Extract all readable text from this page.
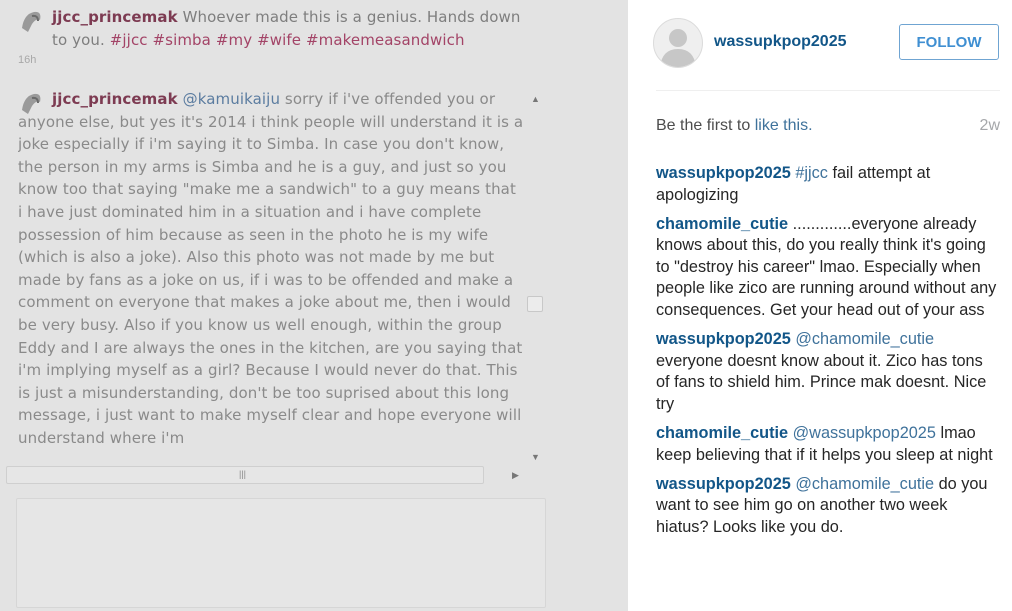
jjcc_princemak Whoever made this is a genius. Hands down to you. #jjcc #simba #my #wife #makemeasandwich
16h
jjcc_princemak @kamuikaiju sorry if i've offended you or anyone else, but yes it's 2014 i think people will understand it is a joke especially if i'm saying it to Simba. In case you don't know, the person in my arms is Simba and he is a guy, and just so you know too that saying "make me a sandwich" to a guy means that i have just dominated him in a situation and i have complete possession of him because as seen in the photo he is my wife (which is also a joke). Also this photo was not made by me but made by fans as a joke on us, if i was to be offended and make a comment on everyone that makes a joke about me, then i would be very busy. Also if you know us well enough, within the group Eddy and I are always the ones in the kitchen, are you saying that i'm implying myself as a girl? Because I would never do that. This is just a misunderstanding, don't be too suprised about this long message, i just want to make myself clear and hope everyone will understand where i'm
▲
▼
|||	▶
wassupkpop2025	FOLLOW
Be the first to like this.	2w
wassupkpop2025 #jjcc fail attempt at apologizing
chamomile_cutie .............everyone already knows about this, do you really think it's going to "destroy his career" lmao. Especially when people like zico are running around without any consequences. Get your head out of your ass
wassupkpop2025 @chamomile_cutie everyone doesnt know about it. Zico has tons of fans to shield him. Prince mak doesnt. Nice try
chamomile_cutie @wassupkpop2025 lmao keep believing that if it helps you sleep at night
wassupkpop2025 @chamomile_cutie do you want to see him go on another two week hiatus? Looks like you do.
